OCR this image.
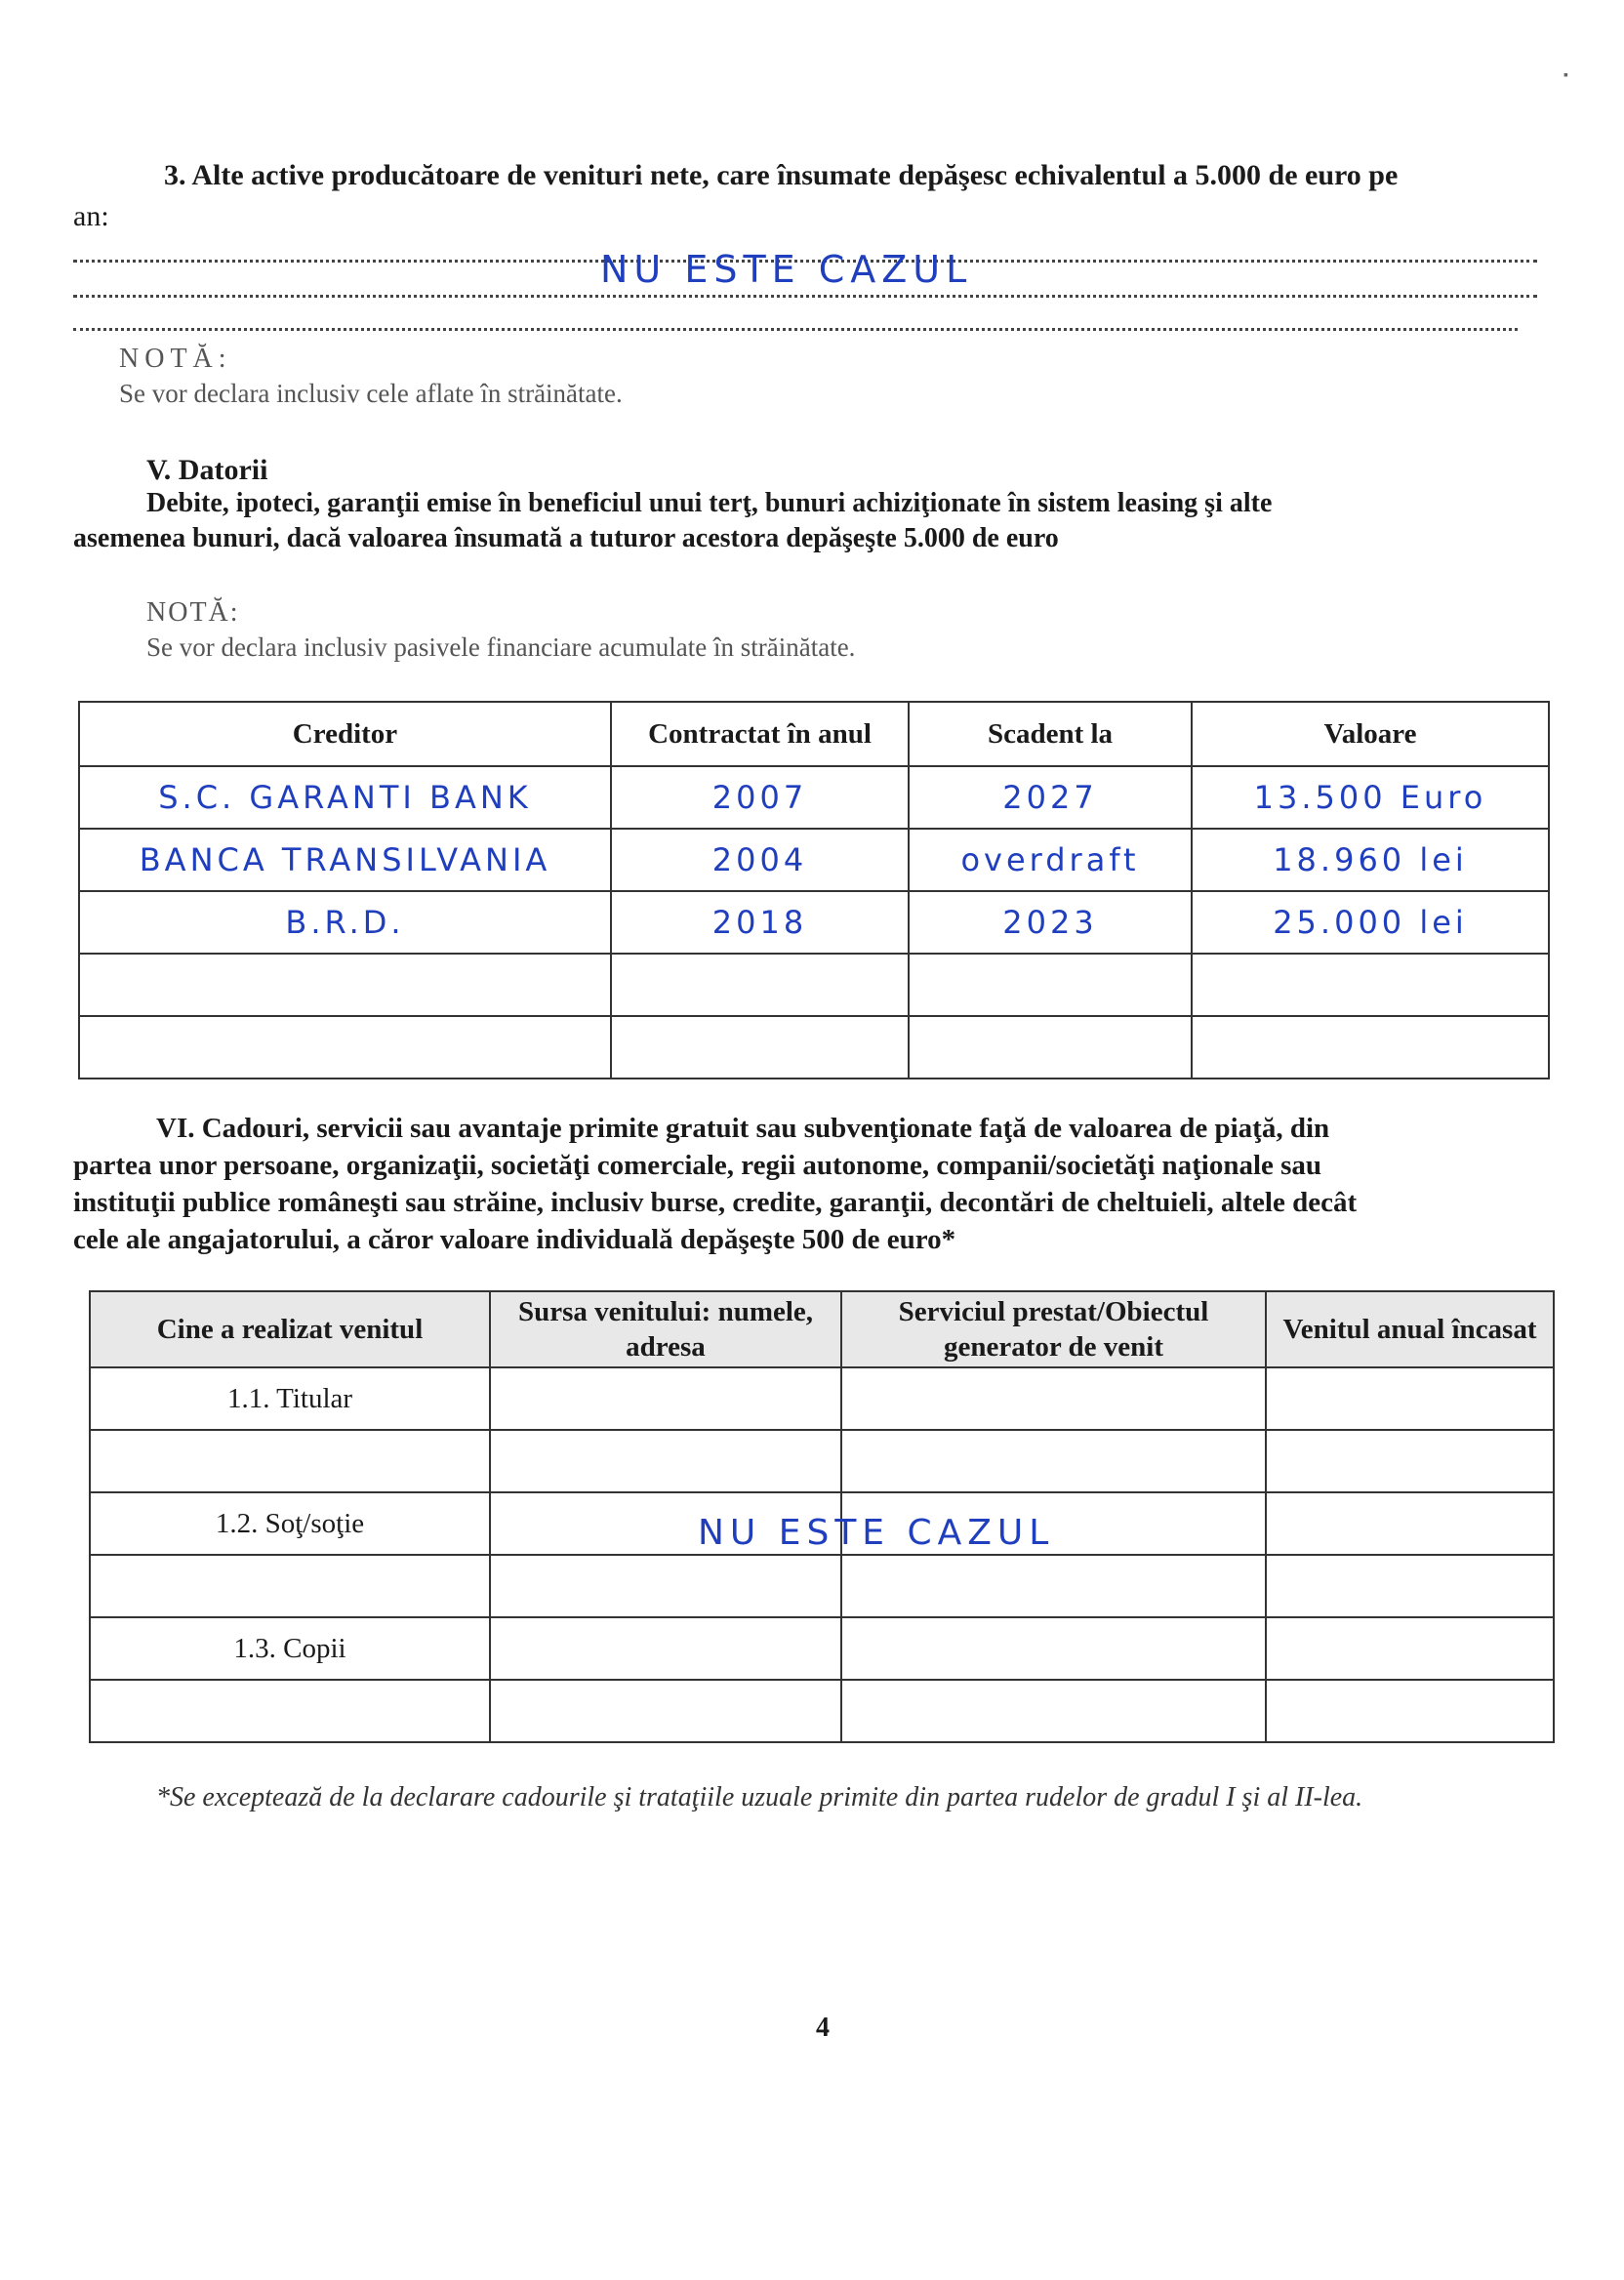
▪
3. Alte active producătoare de venituri nete, care însumate depăşesc echivalentul a 5.000 de euro pe
an:
NU ESTE CAZUL
NOTĂ:
Se vor declara inclusiv cele aflate în străinătate.
V. Datorii
Debite, ipoteci, garanţii emise în beneficiul unui terţ, bunuri achiziţionate în sistem leasing şi alte
asemenea bunuri, dacă valoarea însumată a tuturor acestora depăşeşte 5.000 de euro
NOTĂ:
Se vor declara inclusiv pasivele financiare acumulate în străinătate.
Creditor	Contractat în anul	Scadent la	Valoare
S.C. GARANTI BANK	2007	2027	13.500 Euro
BANCA TRANSILVANIA	2004	overdraft	18.960 lei
B.R.D.	2018	2023	25.000 lei

VI. Cadouri, servicii sau avantaje primite gratuit sau subvenţionate faţă de valoarea de piaţă, din
partea unor persoane, organizaţii, societăţi comerciale, regii autonome, companii/societăţi naţionale sau
instituţii publice româneşti sau străine, inclusiv burse, credite, garanţii, decontări de cheltuieli, altele decât
cele ale angajatorului, a căror valoare individuală depăşeşte 500 de euro*
Cine a realizat venitul	Sursa venitului: numele, adresa	Serviciul prestat/Obiectul generator de venit	Venitul anual încasat
1.1. Titular			

1.2. Soţ/soţie			

1.3. Copii			

NU ESTE CAZUL
*Se exceptează de la declarare cadourile şi trataţiile uzuale primite din partea rudelor de gradul I şi al II-lea.
4
